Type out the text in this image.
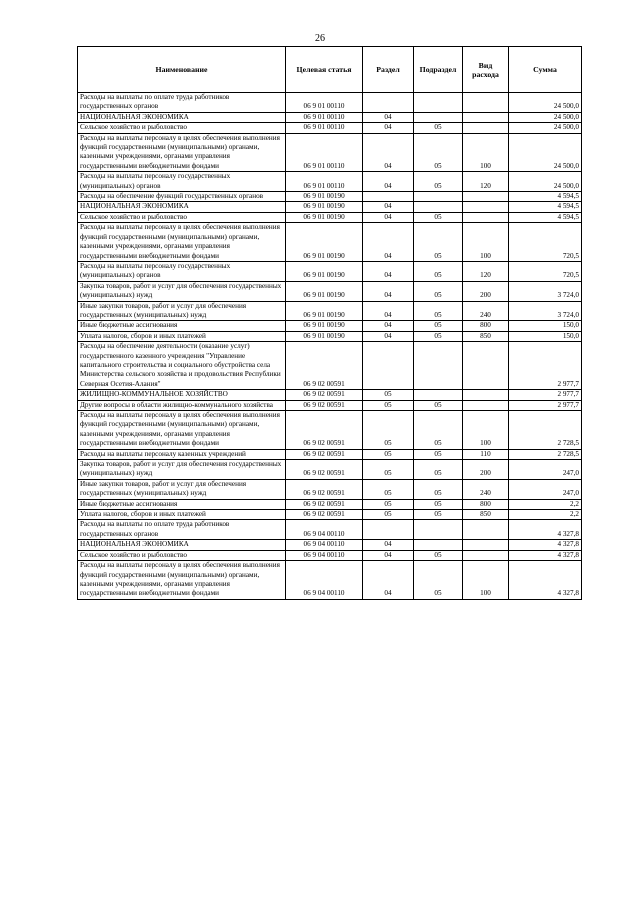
26
Наименование	Целевая статья	Раздел	Подраздел	Вид расхода	Сумма
Расходы на выплаты по оплате труда работников государственных органов	06 9 01 00110				24 500,0
НАЦИОНАЛЬНАЯ ЭКОНОМИКА	06 9 01 00110	04			24 500,0
Сельское хозяйство и рыболовство	06 9 01 00110	04	05		24 500,0
Расходы на выплаты персоналу в целях обеспечения выполнения функций государственными (муниципальными) органами, казенными учреждениями, органами управления государственными внебюджетными фондами	06 9 01 00110	04	05	100	24 500,0
Расходы на выплаты персоналу государственных (муниципальных) органов	06 9 01 00110	04	05	120	24 500,0
Расходы на обеспечение функций государственных органов	06 9 01 00190				4 594,5
НАЦИОНАЛЬНАЯ ЭКОНОМИКА	06 9 01 00190	04			4 594,5
Сельское хозяйство и рыболовство	06 9 01 00190	04	05		4 594,5
Расходы на выплаты персоналу в целях обеспечения выполнения функций государственными (муниципальными) органами, казенными учреждениями, органами управления государственными внебюджетными фондами	06 9 01 00190	04	05	100	720,5
Расходы на выплаты персоналу государственных (муниципальных) органов	06 9 01 00190	04	05	120	720,5
Закупка товаров, работ и услуг для обеспечения государственных (муниципальных) нужд	06 9 01 00190	04	05	200	3 724,0
Иные закупки товаров, работ и услуг для обеспечения государственных (муниципальных) нужд	06 9 01 00190	04	05	240	3 724,0
Иные бюджетные ассигнования	06 9 01 00190	04	05	800	150,0
Уплата налогов, сборов и иных платежей	06 9 01 00190	04	05	850	150,0
Расходы на обеспечение деятельности (оказание услуг) государственного казенного учреждения "Управление капитального строительства и социального обустройства села Министерства сельского хозяйства и продовольствия Республики Северная Осетия-Алания"	06 9 02 00591				2 977,7
ЖИЛИЩНО-КОММУНАЛЬНОЕ ХОЗЯЙСТВО	06 9 02 00591	05			2 977,7
Другие вопросы в области жилищно-коммунального хозяйства	06 9 02 00591	05	05		2 977,7
Расходы на выплаты персоналу в целях обеспечения выполнения функций государственными (муниципальными) органами, казенными учреждениями, органами управления государственными внебюджетными фондами	06 9 02 00591	05	05	100	2 728,5
Расходы на выплаты персоналу казенных учреждений	06 9 02 00591	05	05	110	2 728,5
Закупка товаров, работ и услуг для обеспечения государственных (муниципальных) нужд	06 9 02 00591	05	05	200	247,0
Иные закупки товаров, работ и услуг для обеспечения государственных (муниципальных) нужд	06 9 02 00591	05	05	240	247,0
Иные бюджетные ассигнования	06 9 02 00591	05	05	800	2,2
Уплата налогов, сборов и иных платежей	06 9 02 00591	05	05	850	2,2
Расходы на выплаты по оплате труда работников государственных органов	06 9 04 00110				4 327,8
НАЦИОНАЛЬНАЯ ЭКОНОМИКА	06 9 04 00110	04			4 327,8
Сельское хозяйство и рыболовство	06 9 04 00110	04	05		4 327,8
Расходы на выплаты персоналу в целях обеспечения выполнения функций государственными (муниципальными) органами, казенными учреждениями, органами управления государственными внебюджетными фондами	06 9 04 00110	04	05	100	4 327,8
